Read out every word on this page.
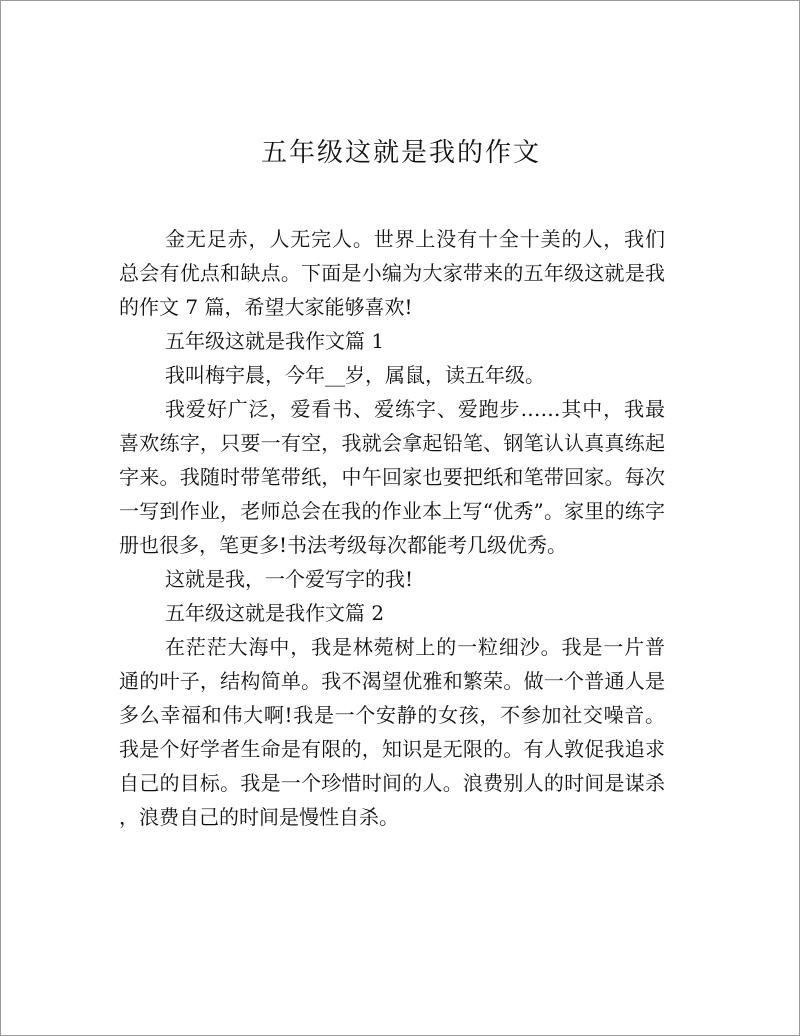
五年级这就是我的作文
金无足赤，人无完人。世界上没有十全十美的人，我们
总会有优点和缺点。下面是小编为大家带来的五年级这就是我
的作文 7 篇，希望大家能够喜欢!
五年级这就是我作文篇 1
我叫梅宇晨，今年__岁，属鼠，读五年级。
我爱好广泛，爱看书、爱练字、爱跑步……其中，我最
喜欢练字，只要一有空，我就会拿起铅笔、钢笔认认真真练起
字来。我随时带笔带纸，中午回家也要把纸和笔带回家。每次
一写到作业，老师总会在我的作业本上写“优秀”。家里的练字
册也很多，笔更多!书法考级每次都能考几级优秀。
这就是我，一个爱写字的我!
五年级这就是我作文篇 2
在茫茫大海中，我是林菀树上的一粒细沙。我是一片普
通的叶子，结构简单。我不渴望优雅和繁荣。做一个普通人是
多么幸福和伟大啊!我是一个安静的女孩，不参加社交噪音。
我是个好学者生命是有限的，知识是无限的。有人敦促我追求
自己的目标。我是一个珍惜时间的人。浪费别人的时间是谋杀
，浪费自己的时间是慢性自杀。
